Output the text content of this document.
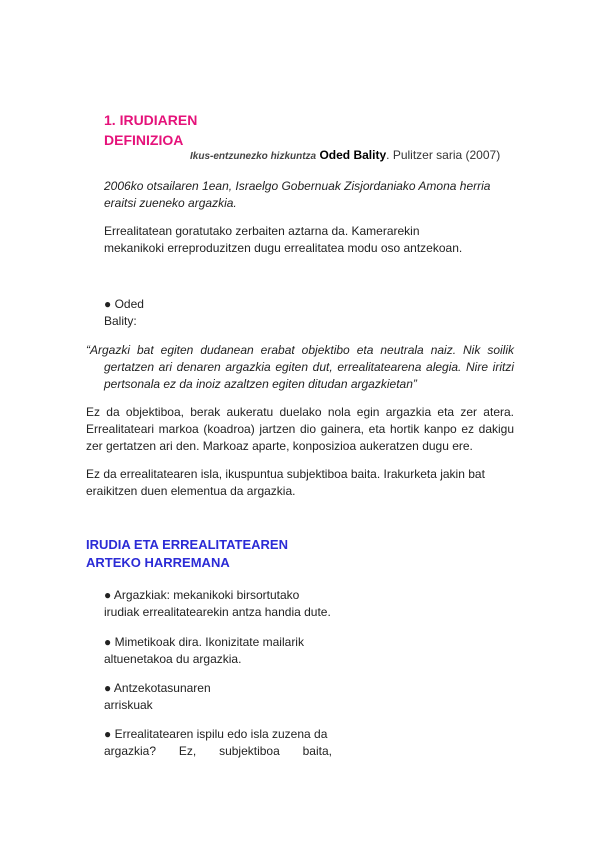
1. IRUDIAREN
DEFINIZIOA
Ikus-entzunezko hizkuntza Oded Bality. Pulitzer saria (2007)
2006ko otsailaren 1ean, Israelgo Gobernuak Zisjordaniako Amona herria
eraitsi zueneko argazkia.
Errealitatean goratutako zerbaiten aztarna da. Kamerarekin
mekanikoki erreproduzitzen dugu errealitatea modu oso antzekoan.
● Oded
Bality:
“Argazki bat egiten dudanean erabat objektibo eta neutrala naiz. Nik soilik
gertatzen ari denaren argazkia egiten dut, errealitatearena alegia. Nire iritzi
pertsonala ez da inoiz azaltzen egiten ditudan argazkietan”
Ez da objektiboa, berak aukeratu duelako nola egin argazkia eta zer atera.
Errealitateari markoa (koadroa) jartzen dio gainera, eta hortik kanpo ez dakigu
zer gertatzen ari den. Markoaz aparte, konposizioa aukeratzen dugu ere.
Ez da errealitatearen isla, ikuspuntua subjektiboa baita. Irakurketa jakin bat
eraikitzen duen elementua da argazkia.
IRUDIA ETA ERREALITATEAREN
ARTEKO HARREMANA
● Argazkiak: mekanikoki birsortutako
irudiak errealitatearekin antza handia dute.
● Mimetikoak dira. Ikonizitate mailarik
altuenetakoa du argazkia.
● Antzekotasunaren
arriskuak
● Errealitatearen ispilu edo isla zuzena da
argazkia? Ez, subjektiboa baita,
